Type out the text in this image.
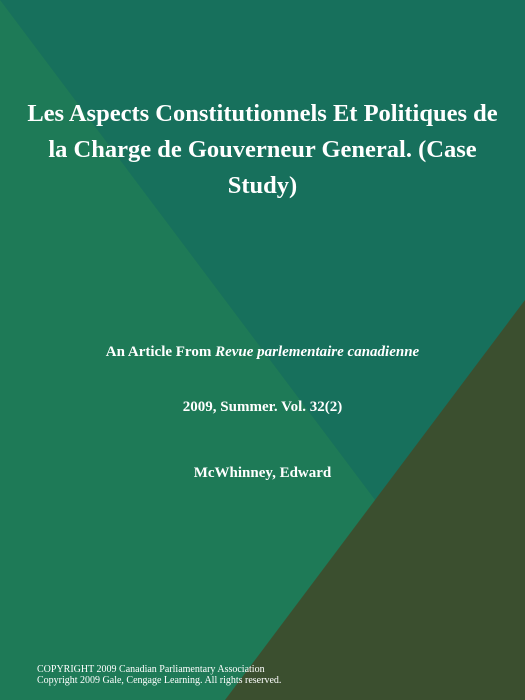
Les Aspects Constitutionnels Et Politiques de la Charge de Gouverneur General. (Case Study)
An Article From Revue parlementaire canadienne
2009, Summer. Vol. 32(2)
McWhinney, Edward
COPYRIGHT 2009 Canadian Parliamentary Association
Copyright 2009 Gale, Cengage Learning. All rights reserved.
